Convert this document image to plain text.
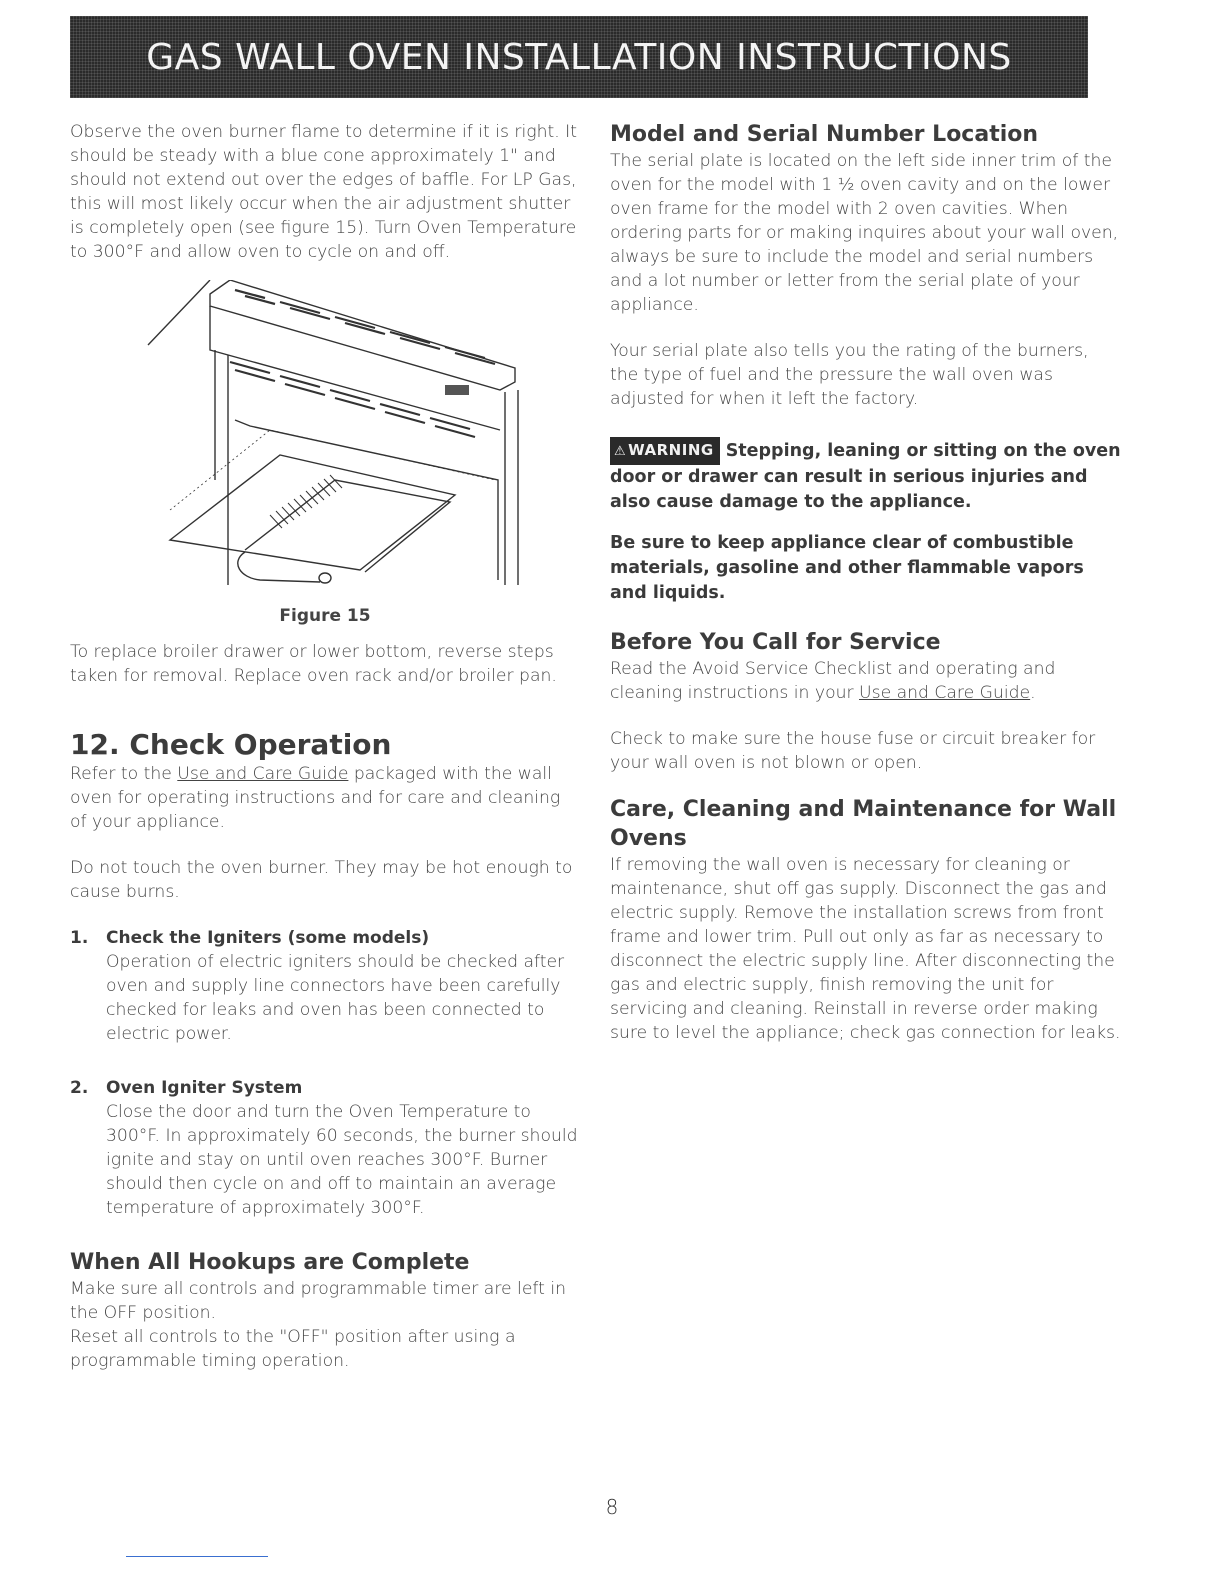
GAS WALL OVEN INSTALLATION INSTRUCTIONS

Observe the oven burner flame to determine if it is right. It should be steady with a blue cone approximately 1" and should not extend out over the edges of baffle. For LP Gas, this will most likely occur when the air adjustment shutter is completely open (see figure 15). Turn Oven Temperature to 300°F and allow oven to cycle on and off.

Figure 15

To replace broiler drawer or lower bottom, reverse steps taken for removal. Replace oven rack and/or broiler pan.

12. Check Operation

Refer to the Use and Care Guide packaged with the wall oven for operating instructions and for care and cleaning of your appliance.

Do not touch the oven burner. They may be hot enough to cause burns.

1.	Check the Igniters (some models)

Operation of electric igniters should be checked after oven and supply line connectors have been carefully checked for leaks and oven has been connected to electric power.

2.	Oven Igniter System

Close the door and turn the Oven Temperature to 300°F. In approximately 60 seconds, the burner should ignite and stay on until oven reaches 300°F. Burner should then cycle on and off to maintain an average temperature of approximately 300°F.

When All Hookups are Complete

Make sure all controls and programmable timer are left in the OFF position.

Reset all controls to the "OFF" position after using a programmable timing operation.

Model and Serial Number Location

The serial plate is located on the left side inner trim of the oven for the model with 1 ½ oven cavity and on the lower oven frame for the model with 2 oven cavities. When ordering parts for or making inquires about your wall oven, always be sure to include the model and serial numbers and a lot number or letter from the serial plate of your appliance.

Your serial plate also tells you the rating of the burners, the type of fuel and the pressure the wall oven was adjusted for when it left the factory.

⚠ WARNING Stepping, leaning or sitting on the oven door or drawer can result in serious injuries and also cause damage to the appliance.
Be sure to keep appliance clear of combustible materials, gasoline and other flammable vapors and liquids.
Before You Call for Service

Read the Avoid Service Checklist and operating and cleaning instructions in your Use and Care Guide.

Check to make sure the house fuse or circuit breaker for your wall oven is not blown or open.

Care, Cleaning and Maintenance for Wall Ovens

If removing the wall oven is necessary for cleaning or maintenance, shut off gas supply. Disconnect the gas and electric supply. Remove the installation screws from front frame and lower trim. Pull out only as far as necessary to disconnect the electric supply line. After disconnecting the gas and electric supply, finish removing the unit for servicing and cleaning. Reinstall in reverse order making sure to level the appliance; check gas connection for leaks.

8
